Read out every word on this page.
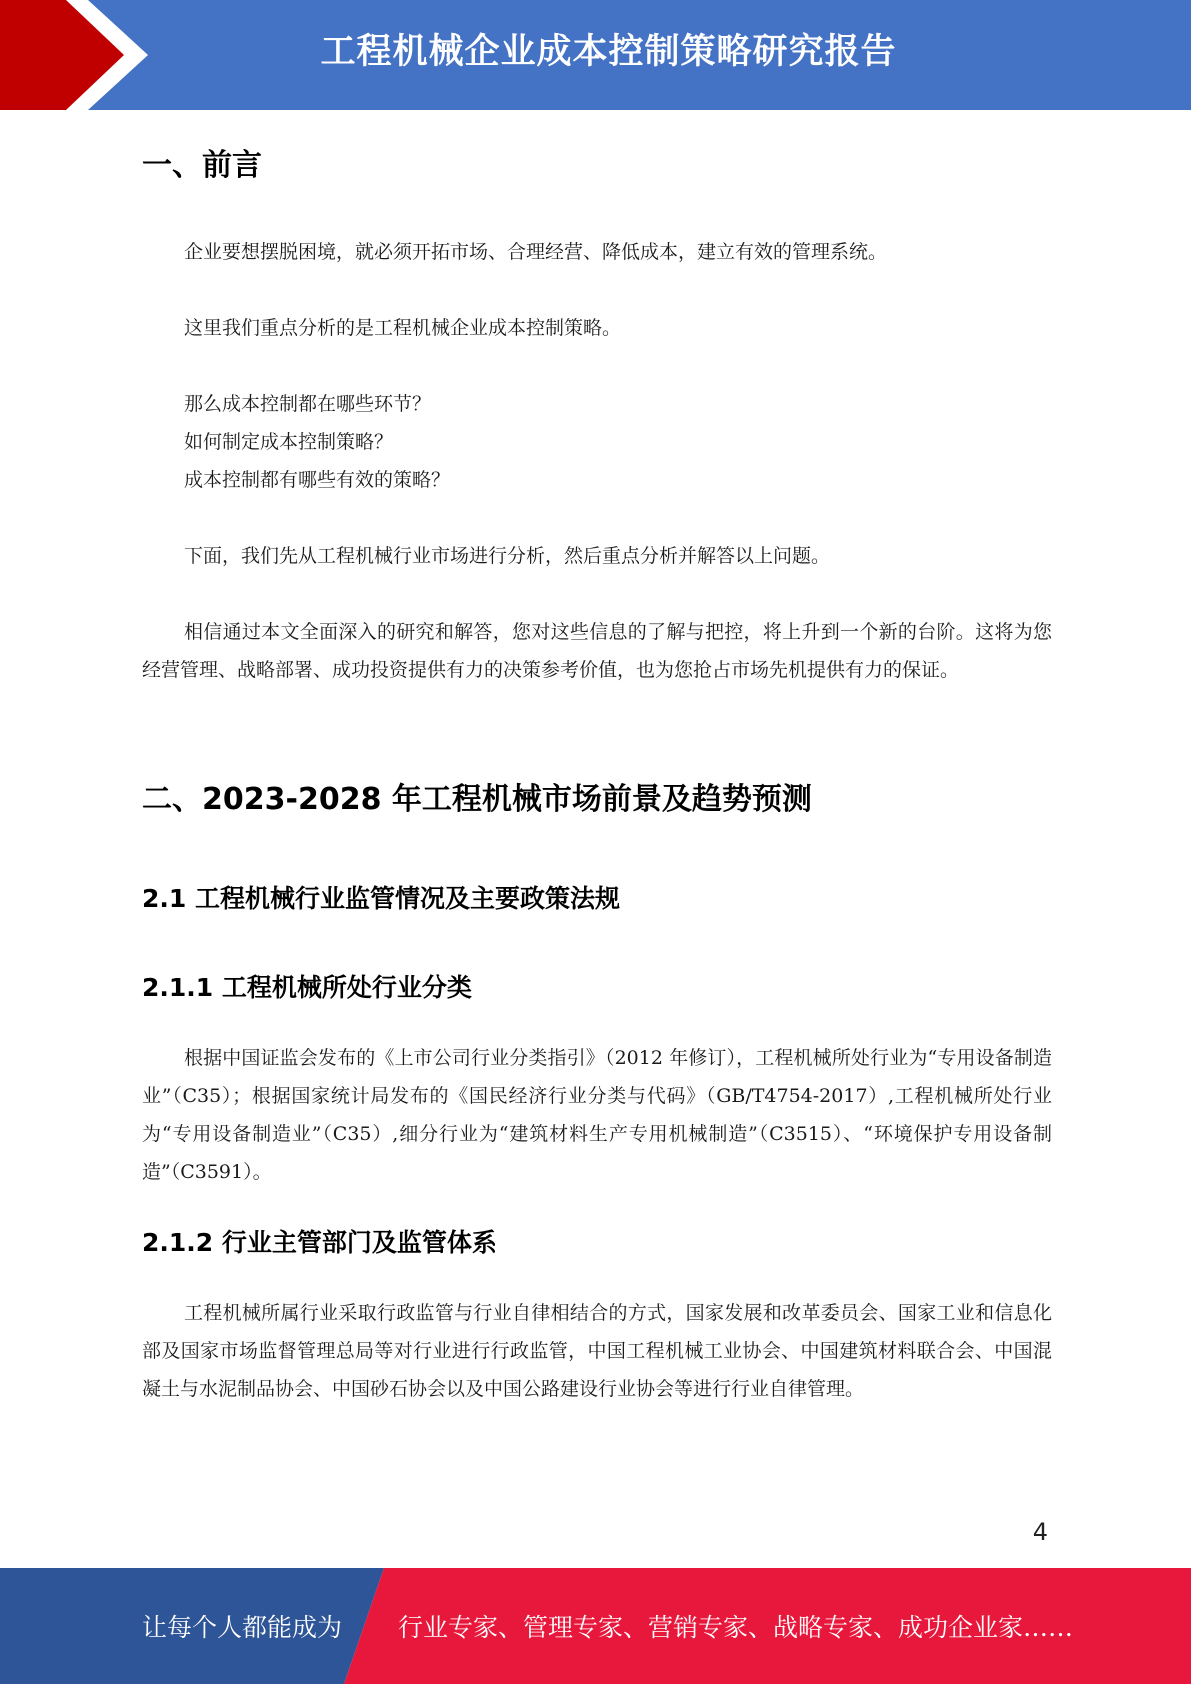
工程机械企业成本控制策略研究报告
一、前言

企业要想摆脱困境，就必须开拓市场、合理经营、降低成本，建立有效的管理系统。

这里我们重点分析的是工程机械企业成本控制策略。

那么成本控制都在哪些环节？

如何制定成本控制策略？

成本控制都有哪些有效的策略？

下面，我们先从工程机械行业市场进行分析，然后重点分析并解答以上问题。

相信通过本文全面深入的研究和解答，您对这些信息的了解与把控，将上升到一个新的台阶。这将为您经营管理、战略部署、成功投资提供有力的决策参考价值，也为您抢占市场先机提供有力的保证。

二、2023-2028 年工程机械市场前景及趋势预测
2.1 工程机械行业监管情况及主要政策法规
2.1.1 工程机械所处行业分类

根据中国证监会发布的《上市公司行业分类指引》（2012 年修订），工程机械所处行业为“专用设备制造业”（C35）；根据国家统计局发布的《国民经济行业分类与代码》（GB/T4754-2017）,工程机械所处行业为“专用设备制造业”（C35）,细分行业为“建筑材料生产专用机械制造”（C3515）、“环境保护专用设备制造”（C3591）。

2.1.2 行业主管部门及监管体系

工程机械所属行业采取行政监管与行业自律相结合的方式，国家发展和改革委员会、国家工业和信息化部及国家市场监督管理总局等对行业进行行政监管，中国工程机械工业协会、中国建筑材料联合会、中国混凝土与水泥制品协会、中国砂石协会以及中国公路建设行业协会等进行行业自律管理。

4
让每个人都能成为 行业专家、管理专家、营销专家、战略专家、成功企业家……
